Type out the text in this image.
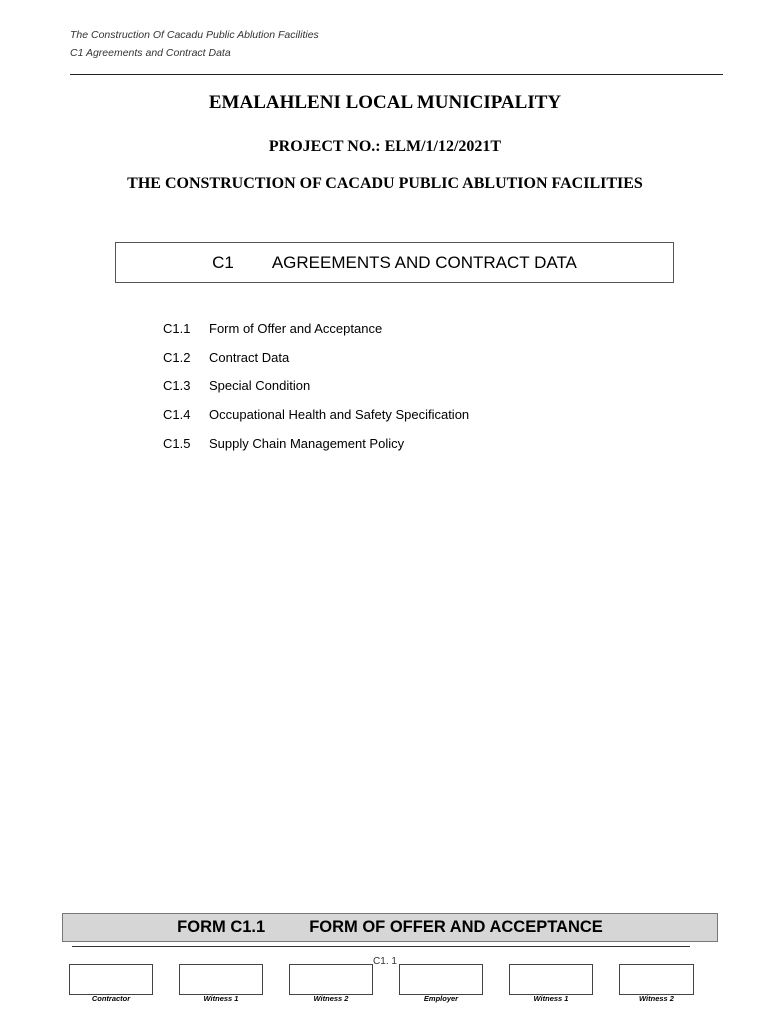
The Construction Of Cacadu Public Ablution Facilities
C1 Agreements and Contract Data
EMALAHLENI LOCAL MUNICIPALITY
PROJECT NO.: ELM/1/12/2021T
THE CONSTRUCTION OF CACADU PUBLIC ABLUTION FACILITIES
C1 AGREEMENTS AND CONTRACT DATA
C1.1	Form of Offer and Acceptance
C1.2	Contract Data
C1.3	Special Condition
C1.4	Occupational Health and Safety Specification
C1.5	Supply Chain Management Policy
FORM C1.1	FORM OF OFFER AND ACCEPTANCE
C1. 1
Contractor	Witness 1	Witness 2	Employer	Witness 1	Witness 2
